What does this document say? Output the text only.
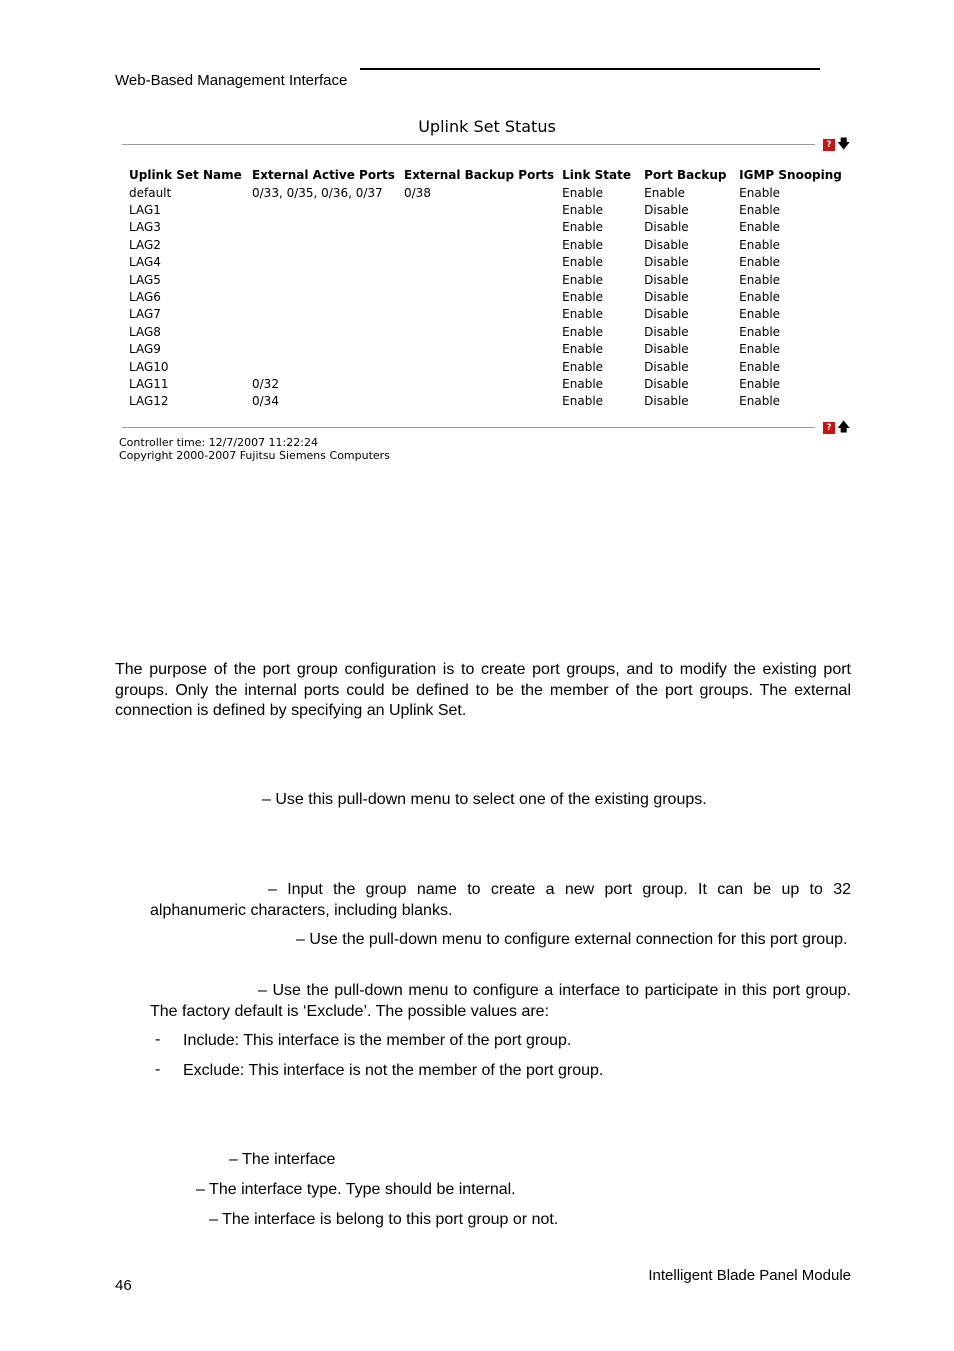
Web-Based Management Interface
Uplink Set Status
? 🡇
Uplink Set Name	External Active Ports	External Backup Ports	Link State	Port Backup	IGMP Snooping
default	0/33, 0/35, 0/36, 0/37	0/38	Enable	Enable	Enable
LAG1			Enable	Disable	Enable
LAG3			Enable	Disable	Enable
LAG2			Enable	Disable	Enable
LAG4			Enable	Disable	Enable
LAG5			Enable	Disable	Enable
LAG6			Enable	Disable	Enable
LAG7			Enable	Disable	Enable
LAG8			Enable	Disable	Enable
LAG9			Enable	Disable	Enable
LAG10			Enable	Disable	Enable
LAG11	0/32		Enable	Disable	Enable
LAG12	0/34		Enable	Disable	Enable
? 🡅
Controller time: 12/7/2007 11:22:24
Copyright 2000-2007 Fujitsu Siemens Computers
The purpose of the port group configuration is to create port groups, and to modify the existing port groups. Only the internal ports could be defined to be the member of the port groups. The external connection is defined by specifying an Uplink Set.
– Use this pull-down menu to select one of the existing groups.
– Input the group name to create a new port group. It can be up to 32 alphanumeric characters, including blanks.
– Use the pull-down menu to configure external connection for this port group.
– Use the pull-down menu to configure a interface to participate in this port group. The factory default is ‘Exclude’. The possible values are:
- Include: This interface is the member of the port group.
- Exclude: This interface is not the member of the port group.
– The interface
– The interface type. Type should be internal.
– The interface is belong to this port group or not.
46
Intelligent Blade Panel Module
